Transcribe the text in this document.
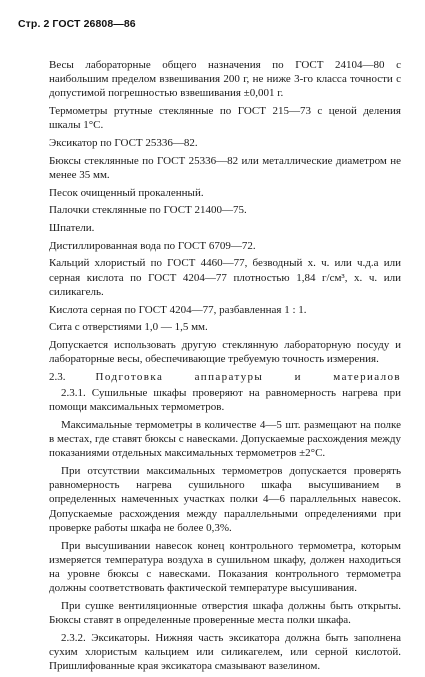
Стр. 2 ГОСТ 26808—86

Весы лабораторные общего назначения по ГОСТ 24104—80 с наибольшим пределом взвешивания 200 г, не ниже 3-го класса точности с допустимой погрешностью взвешивания ±0,001 г.

Термометры ртутные стеклянные по ГОСТ 215—73 с ценой деления шкалы 1°С.

Эксикатор по ГОСТ 25336—82.

Бюксы стеклянные по ГОСТ 25336—82 или металлические диаметром не менее 35 мм.

Песок очищенный прокаленный.

Палочки стеклянные по ГОСТ 21400—75.

Шпатели.

Дистиллированная вода по ГОСТ 6709—72.

Кальций хлористый по ГОСТ 4460—77, безводный х. ч. или ч.д.а или серная кислота по ГОСТ 4204—77 плотностью 1,84 г/см³, х. ч. или силикагель.

Кислота серная по ГОСТ 4204—77, разбавленная 1 : 1.

Сита с отверстиями 1,0 — 1,5 мм.

Допускается использовать другую стеклянную лабораторную посуду и лабораторные весы, обеспечивающие требуемую точность измерения.

2.3.	Подготовка аппаратуры и материалов

2.3.1. Сушильные шкафы проверяют на равномерность нагрева при помощи максимальных термометров.

Максимальные термометры в количестве 4—5 шт. размещают на полке в местах, где ставят бюксы с навесками. Допускаемые расхождения между показаниями отдельных максимальных термометров ±2°С.

При отсутствии максимальных термометров допускается проверять равномерность нагрева сушильного шкафа высушиванием в определенных намеченных участках полки 4—6 параллельных навесок. Допускаемые расхождения между параллельными определениями при проверке работы шкафа не более 0,3%.

При высушивании навесок конец контрольного термометра, которым измеряется температура воздуха в сушильном шкафу, должен находиться на уровне бюксы с навесками. Показания контрольного термометра должны соответствовать фактической температуре высушивания.

При сушке вентиляционные отверстия шкафа должны быть открыты. Бюксы ставят в определенные проверенные места полки шкафа.

2.3.2. Эксикаторы. Нижняя часть эксикатора должна быть заполнена сухим хлористым кальцием или силикагелем, или серной кислотой. Пришлифованные края эксикатора смазывают вазелином.
